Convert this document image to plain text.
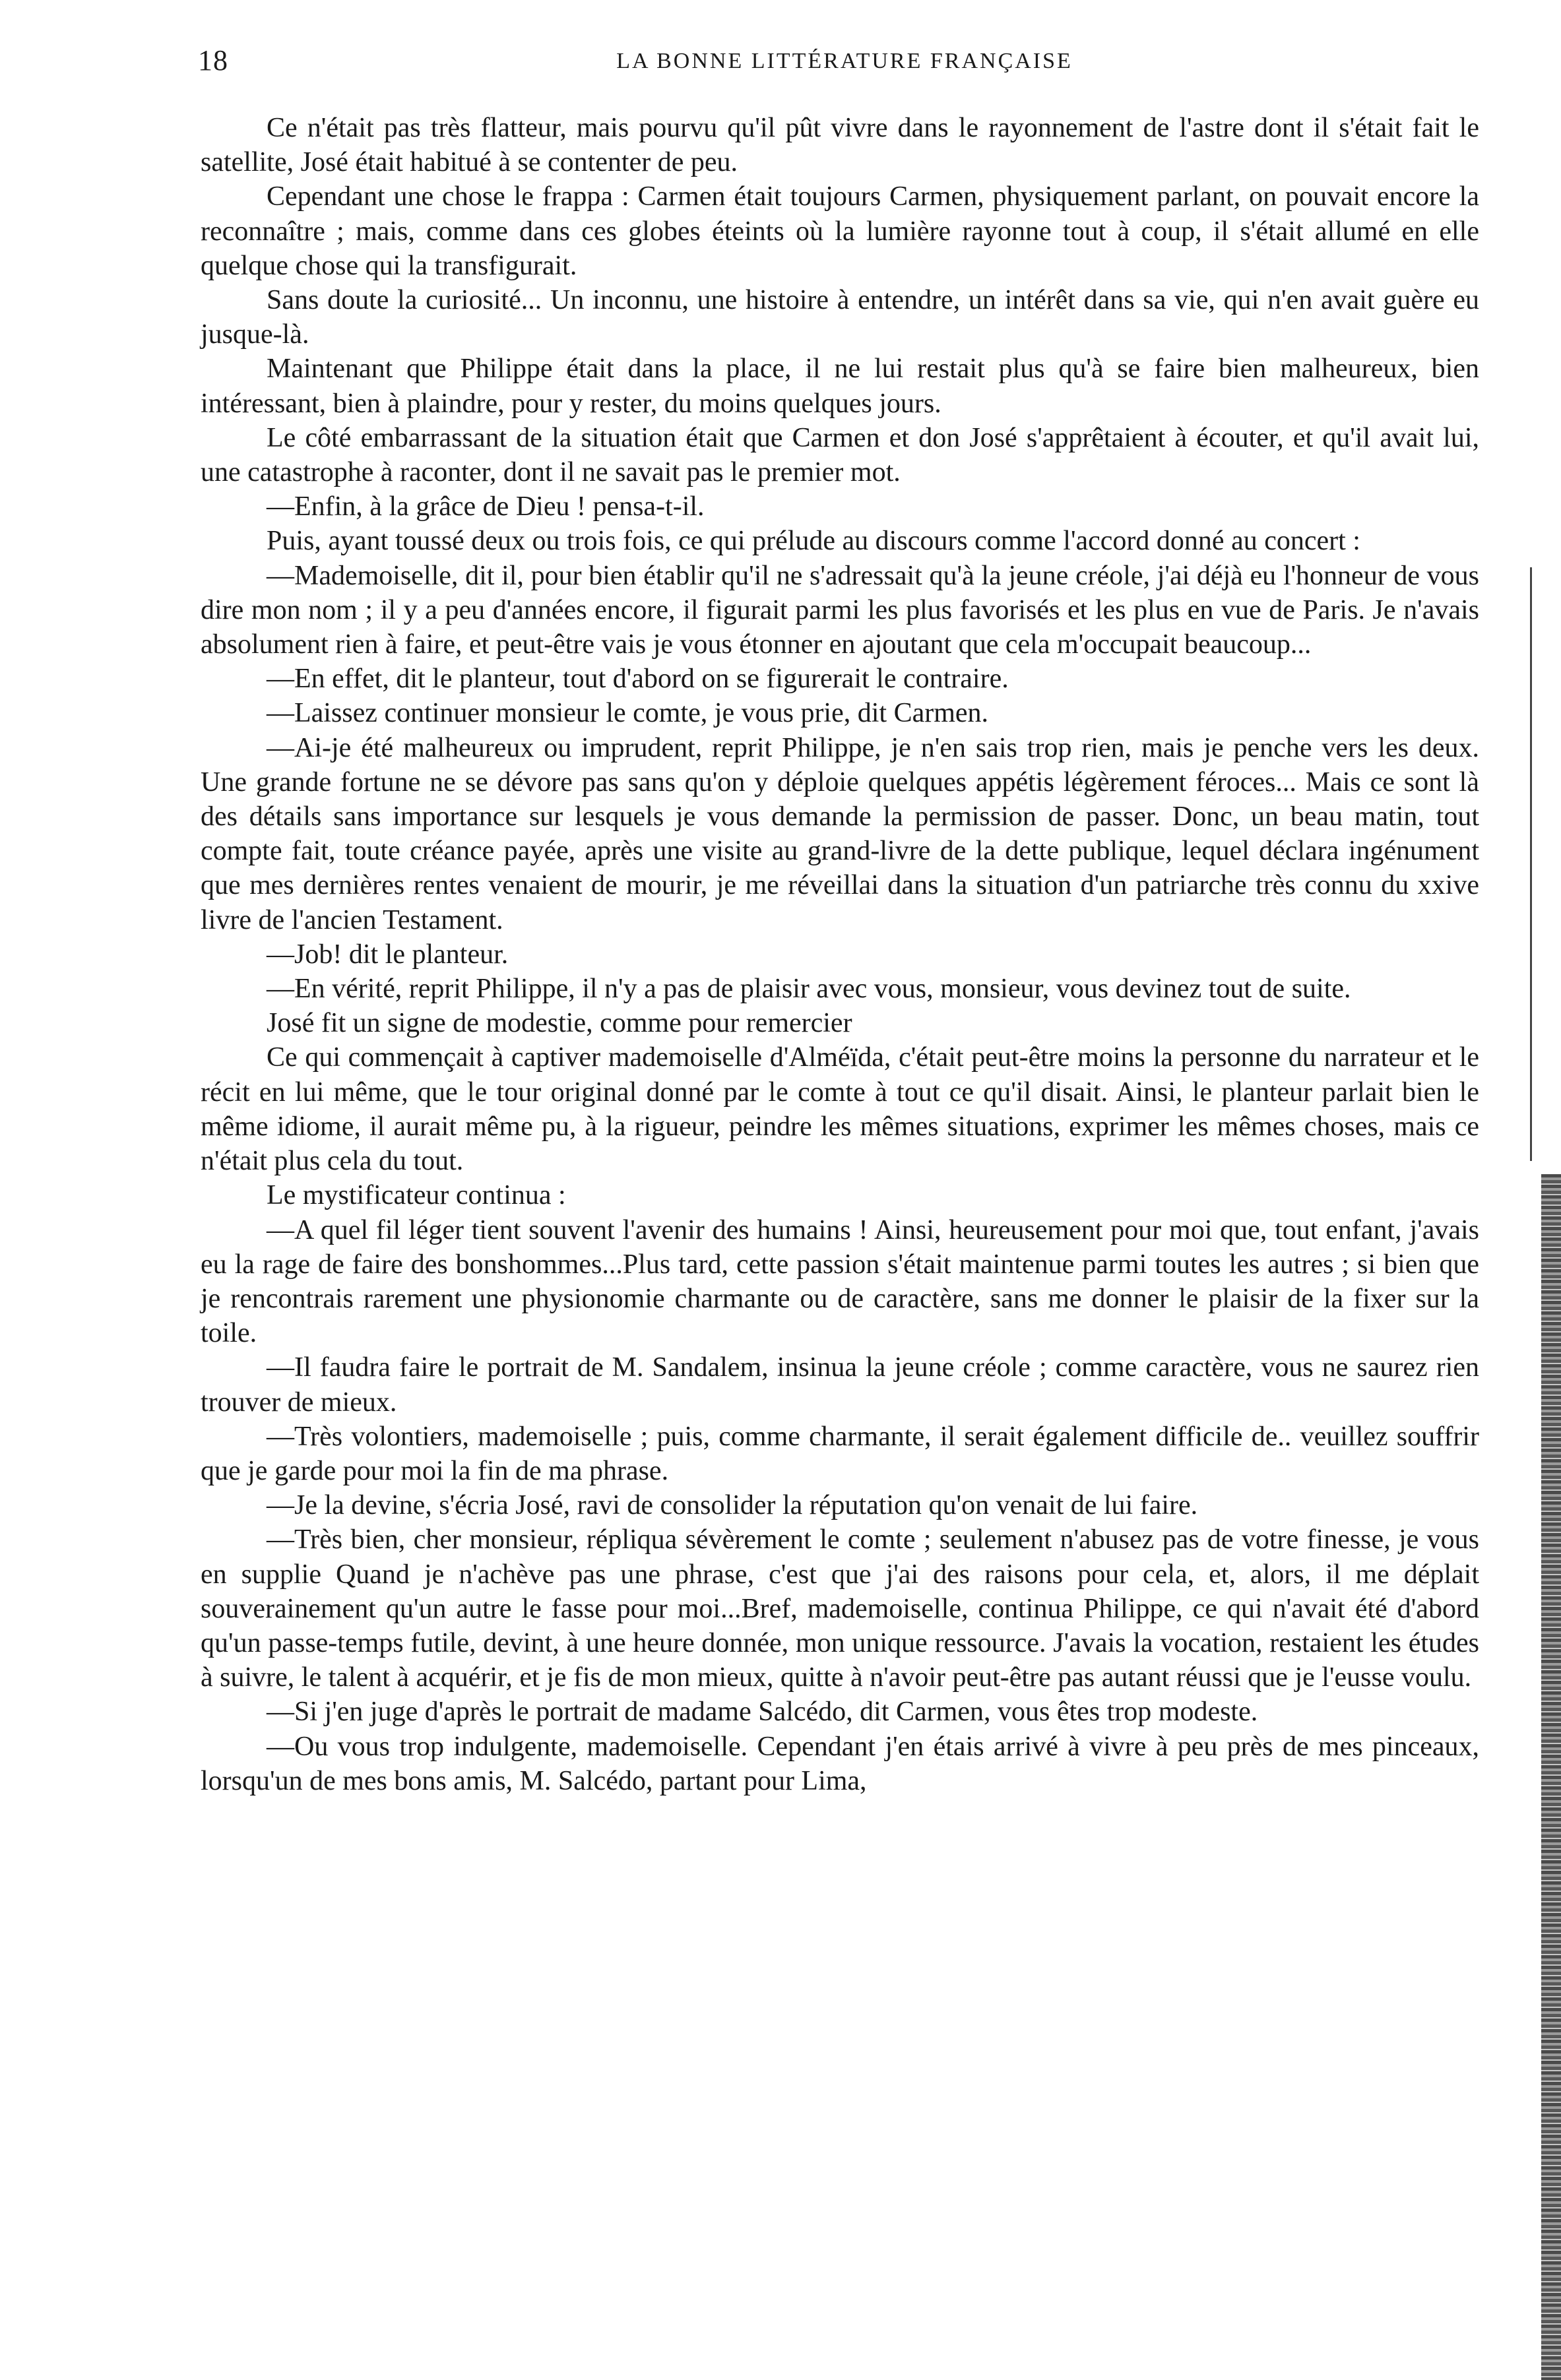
18	LA BONNE LITTÉRATURE FRANÇAISE

Ce n'était pas très flatteur, mais pourvu qu'il pût vivre dans le rayonnement de l'astre dont il s'était fait le satellite, José était habitué à se contenter de peu.

Cependant une chose le frappa : Carmen était toujours Carmen, physiquement parlant, on pouvait encore la reconnaître ; mais, comme dans ces globes éteints où la lumière rayonne tout à coup, il s'était allumé en elle quelque chose qui la transfigurait.

Sans doute la curiosité... Un inconnu, une histoire à entendre, un intérêt dans sa vie, qui n'en avait guère eu jusque-là.

Maintenant que Philippe était dans la place, il ne lui restait plus qu'à se faire bien malheureux, bien intéressant, bien à plaindre, pour y rester, du moins quelques jours.

Le côté embarrassant de la situation était que Carmen et don José s'apprêtaient à écouter, et qu'il avait lui, une catastrophe à raconter, dont il ne savait pas le premier mot.

—Enfin, à la grâce de Dieu ! pensa-t-il.

Puis, ayant toussé deux ou trois fois, ce qui prélude au discours comme l'accord donné au concert :

—Mademoiselle, dit il, pour bien établir qu'il ne s'adressait qu'à la jeune créole, j'ai déjà eu l'honneur de vous dire mon nom ; il y a peu d'années encore, il figurait parmi les plus favorisés et les plus en vue de Paris. Je n'avais absolument rien à faire, et peut-être vais je vous étonner en ajoutant que cela m'occupait beaucoup...

—En effet, dit le planteur, tout d'abord on se figurerait le contraire.

—Laissez continuer monsieur le comte, je vous prie, dit Carmen.

—Ai-je été malheureux ou imprudent, reprit Philippe, je n'en sais trop rien, mais je penche vers les deux. Une grande fortune ne se dévore pas sans qu'on y déploie quelques appétis légèrement féroces... Mais ce sont là des détails sans importance sur lesquels je vous demande la permission de passer. Donc, un beau matin, tout compte fait, toute créance payée, après une visite au grand-livre de la dette publique, lequel déclara ingénument que mes dernières rentes venaient de mourir, je me réveillai dans la situation d'un patriarche très connu du xxive livre de l'ancien Testament.

—Job! dit le planteur.

—En vérité, reprit Philippe, il n'y a pas de plaisir avec vous, monsieur, vous devinez tout de suite.

José fit un signe de modestie, comme pour remercier

Ce qui commençait à captiver mademoiselle d'Alméïda, c'était peut-être moins la personne du narrateur et le récit en lui même, que le tour original donné par le comte à tout ce qu'il disait. Ainsi, le planteur parlait bien le même idiome, il aurait même pu, à la rigueur, peindre les mêmes situations, exprimer les mêmes choses, mais ce n'était plus cela du tout.

Le mystificateur continua :

—A quel fil léger tient souvent l'avenir des humains ! Ainsi, heureusement pour moi que, tout enfant, j'avais eu la rage de faire des bonshommes...Plus tard, cette passion s'était maintenue parmi toutes les autres ; si bien que je rencontrais rarement une physionomie charmante ou de caractère, sans me donner le plaisir de la fixer sur la toile.

—Il faudra faire le portrait de M. Sandalem, insinua la jeune créole ; comme caractère, vous ne saurez rien trouver de mieux.

—Très volontiers, mademoiselle ; puis, comme charmante, il serait également difficile de.. veuillez souffrir que je garde pour moi la fin de ma phrase.

—Je la devine, s'écria José, ravi de consolider la réputation qu'on venait de lui faire.

—Très bien, cher monsieur, répliqua sévèrement le comte ; seulement n'abusez pas de votre finesse, je vous en supplie Quand je n'achève pas une phrase, c'est que j'ai des raisons pour cela, et, alors, il me déplait souverainement qu'un autre le fasse pour moi...Bref, mademoiselle, continua Philippe, ce qui n'avait été d'abord qu'un passe-temps futile, devint, à une heure donnée, mon unique ressource. J'avais la vocation, restaient les études à suivre, le talent à acquérir, et je fis de mon mieux, quitte à n'avoir peut-être pas autant réussi que je l'eusse voulu.

—Si j'en juge d'après le portrait de madame Salcédo, dit Carmen, vous êtes trop modeste.

—Ou vous trop indulgente, mademoiselle. Cependant j'en étais arrivé à vivre à peu près de mes pinceaux, lorsqu'un de mes bons amis, M. Salcédo, partant pour Lima,
